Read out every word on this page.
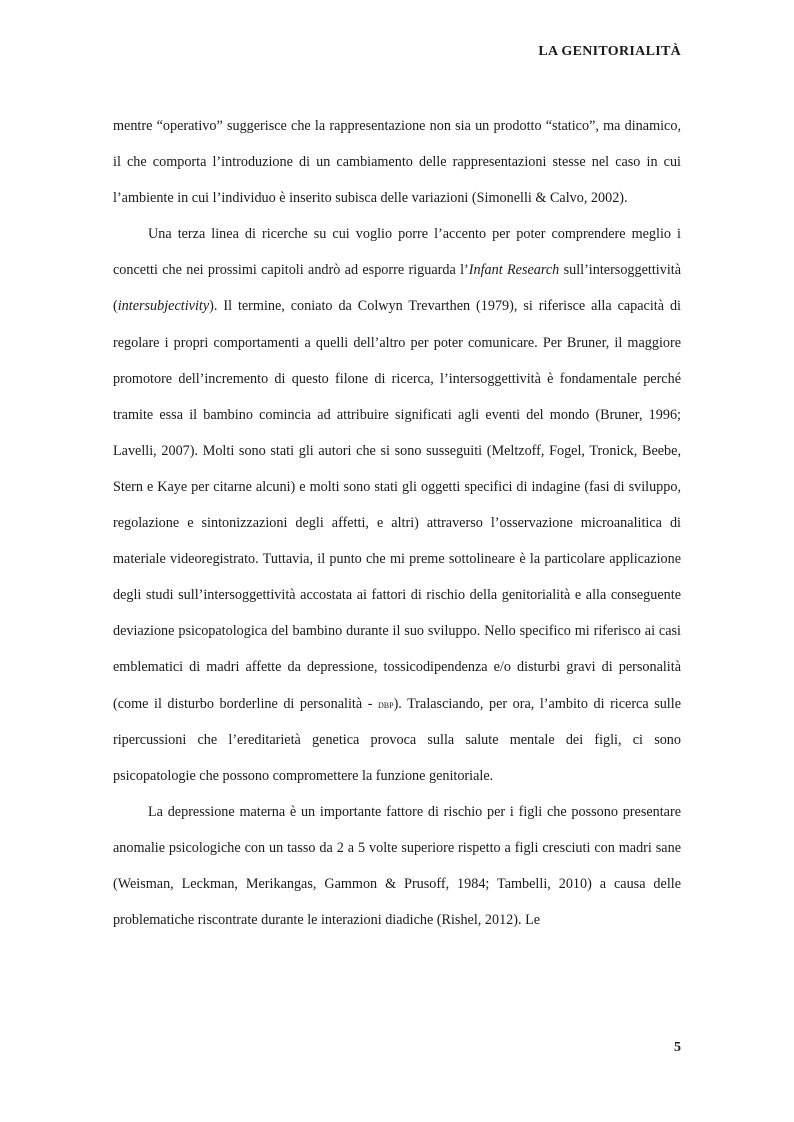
LA GENITORIALITÀ

mentre “operativo” suggerisce che la rappresentazione non sia un prodotto “statico”, ma dinamico, il che comporta l’introduzione di un cambiamento delle rappresentazioni stesse nel caso in cui l’ambiente in cui l’individuo è inserito subisca delle variazioni (Simonelli & Calvo, 2002).

Una terza linea di ricerche su cui voglio porre l’accento per poter comprendere meglio i concetti che nei prossimi capitoli andrò ad esporre riguarda l’Infant Research sull’intersoggettività (intersubjectivity). Il termine, coniato da Colwyn Trevarthen (1979), si riferisce alla capacità di regolare i propri comportamenti a quelli dell’altro per poter comunicare. Per Bruner, il maggiore promotore dell’incremento di questo filone di ricerca, l’intersoggettività è fondamentale perché tramite essa il bambino comincia ad attribuire significati agli eventi del mondo (Bruner, 1996; Lavelli, 2007). Molti sono stati gli autori che si sono susseguiti (Meltzoff, Fogel, Tronick, Beebe, Stern e Kaye per citarne alcuni) e molti sono stati gli oggetti specifici di indagine (fasi di sviluppo, regolazione e sintonizzazioni degli affetti, e altri) attraverso l’osservazione microanalitica di materiale videoregistrato. Tuttavia, il punto che mi preme sottolineare è la particolare applicazione degli studi sull’intersoggettività accostata ai fattori di rischio della genitorialità e alla conseguente deviazione psicopatologica del bambino durante il suo sviluppo. Nello specifico mi riferisco ai casi emblematici di madri affette da depressione, tossicodipendenza e/o disturbi gravi di personalità (come il disturbo borderline di personalità - dbp). Tralasciando, per ora, l’ambito di ricerca sulle ripercussioni che l’ereditarietà genetica provoca sulla salute mentale dei figli, ci sono psicopatologie che possono compromettere la funzione genitoriale.

La depressione materna è un importante fattore di rischio per i figli che possono presentare anomalie psicologiche con un tasso da 2 a 5 volte superiore rispetto a figli cresciuti con madri sane (Weisman, Leckman, Merikangas, Gammon & Prusoff, 1984; Tambelli, 2010) a causa delle problematiche riscontrate durante le interazioni diadiche (Rishel, 2012). Le

5
